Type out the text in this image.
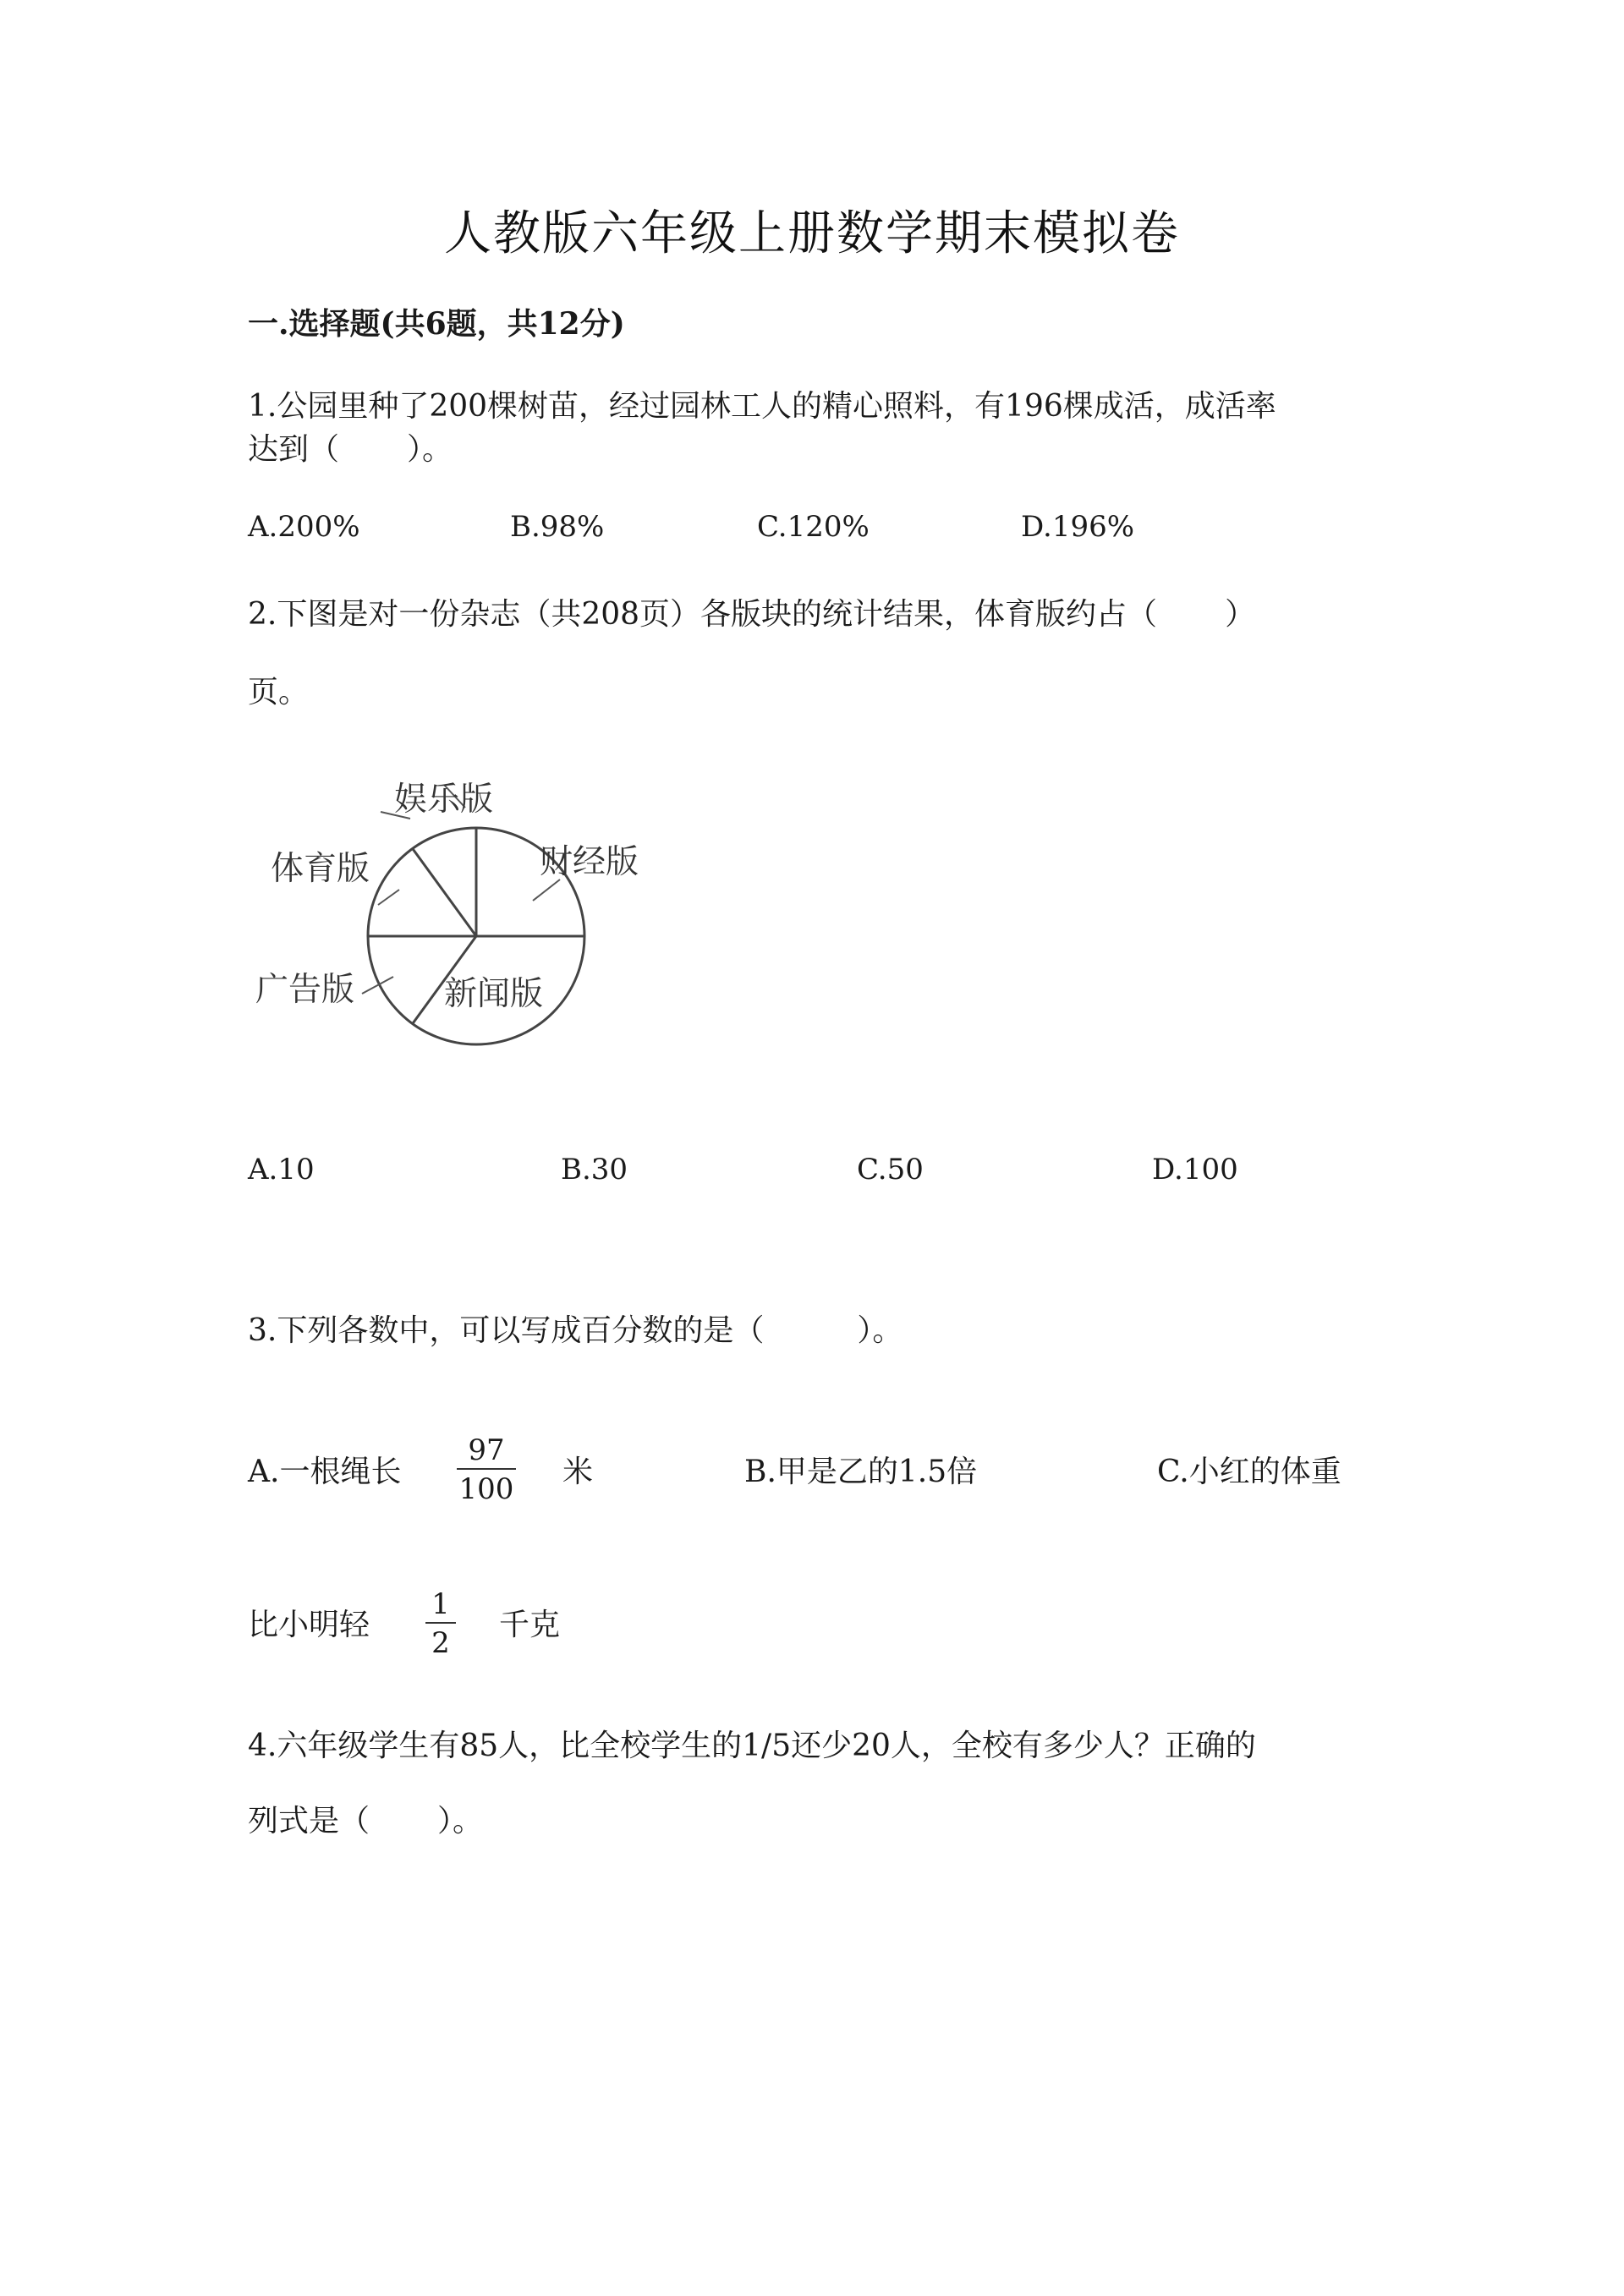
人教版六年级上册数学期末模拟卷
一.选择题(共6题，共12分)
1.公园里种了200棵树苗，经过园林工人的精心照料，有196棵成活，成活率
达到（ ）。
A.200%	B.98%	C.120%	D.196%
2.下图是对一份杂志（共208页）各版块的统计结果，体育版约占（ ）
页。
娱乐版
体育版	财经版
广告版	新闻版
A.10	B.30	C.50	D.100
3.下列各数中，可以写成百分数的是（	）。
A.一根绳长
97
100 米	B.甲是乙的1.5倍	C.小红的体重
比小明轻
1
2
千克
4.六年级学生有85人，比全校学生的1/5还少20人，全校有多少人？正确的
列式是（ ）。
